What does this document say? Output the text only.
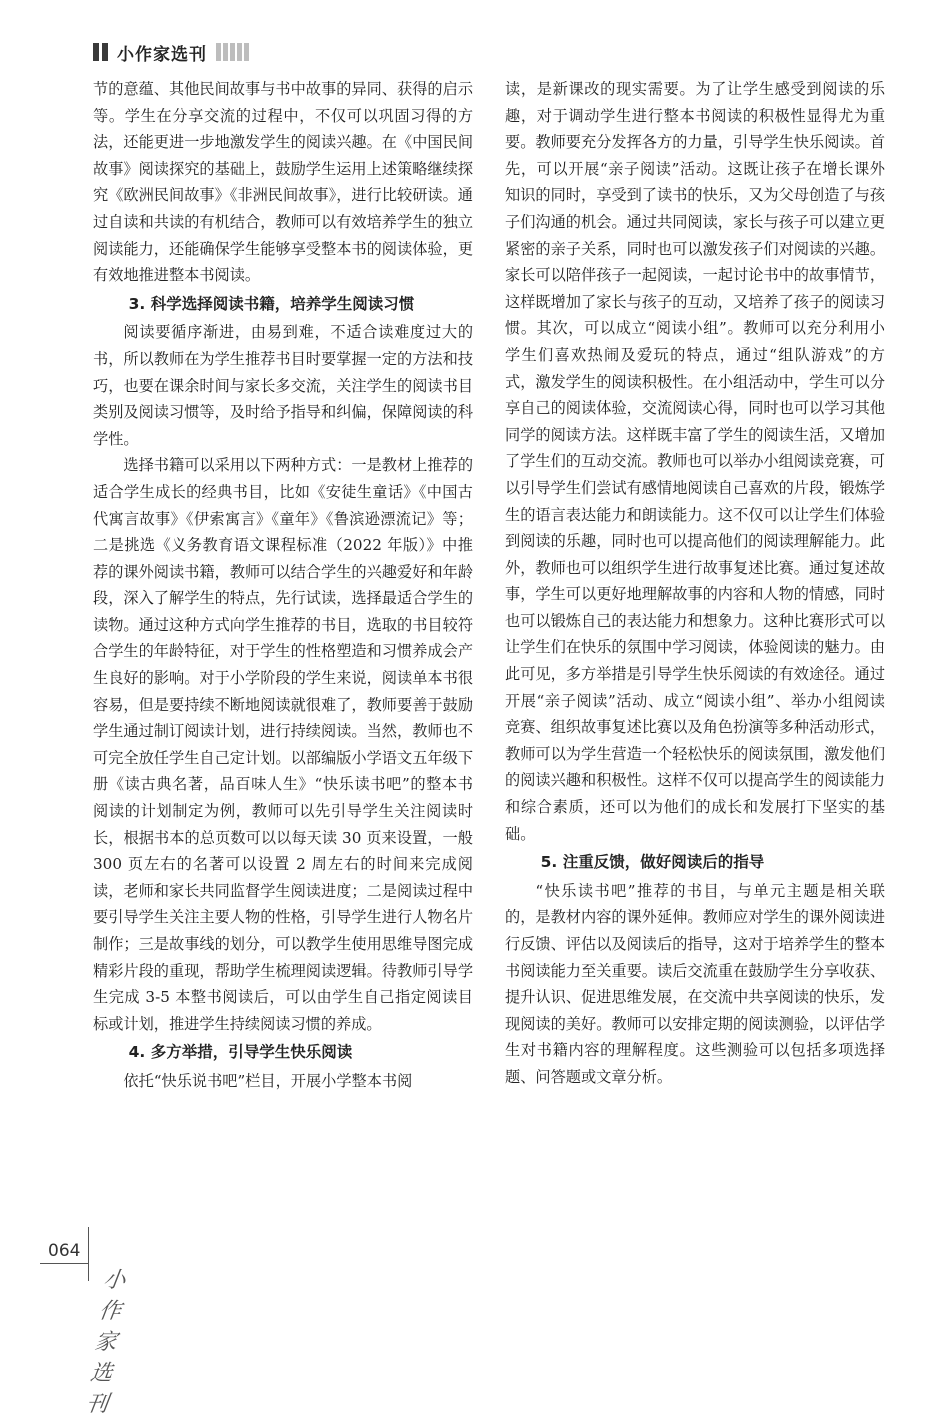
小作家选刊

节的意蕴、其他民间故事与书中故事的异同、获得的启示等。学生在分享交流的过程中，不仅可以巩固习得的方法，还能更进一步地激发学生的阅读兴趣。在《中国民间故事》阅读探究的基础上，鼓励学生运用上述策略继续探究《欧洲民间故事》《非洲民间故事》，进行比较研读。通过自读和共读的有机结合，教师可以有效培养学生的独立阅读能力，还能确保学生能够享受整本书的阅读体验，更有效地推进整本书阅读。

3. 科学选择阅读书籍，培养学生阅读习惯

阅读要循序渐进，由易到难，不适合读难度过大的书，所以教师在为学生推荐书目时要掌握一定的方法和技巧，也要在课余时间与家长多交流，关注学生的阅读书目类别及阅读习惯等，及时给予指导和纠偏，保障阅读的科学性。

选择书籍可以采用以下两种方式：一是教材上推荐的适合学生成长的经典书目，比如《安徒生童话》《中国古代寓言故事》《伊索寓言》《童年》《鲁滨逊漂流记》等；二是挑选《义务教育语文课程标准（2022 年版）》中推荐的课外阅读书籍，教师可以结合学生的兴趣爱好和年龄段，深入了解学生的特点，先行试读，选择最适合学生的读物。通过这种方式向学生推荐的书目，选取的书目较符合学生的年龄特征，对于学生的性格塑造和习惯养成会产生良好的影响。对于小学阶段的学生来说，阅读单本书很容易，但是要持续不断地阅读就很难了，教师要善于鼓励学生通过制订阅读计划，进行持续阅读。当然，教师也不可完全放任学生自己定计划。以部编版小学语文五年级下册《读古典名著，品百味人生》“快乐读书吧”的整本书阅读的计划制定为例，教师可以先引导学生关注阅读时长，根据书本的总页数可以以每天读 30 页来设置，一般 300 页左右的名著可以设置 2 周左右的时间来完成阅读，老师和家长共同监督学生阅读进度；二是阅读过程中要引导学生关注主要人物的性格，引导学生进行人物名片制作；三是故事线的划分，可以教学生使用思维导图完成精彩片段的重现，帮助学生梳理阅读逻辑。待教师引导学生完成 3-5 本整书阅读后，可以由学生自己指定阅读目标或计划，推进学生持续阅读习惯的养成。

4. 多方举措，引导学生快乐阅读

依托“快乐说书吧”栏目，开展小学整本书阅

读，是新课改的现实需要。为了让学生感受到阅读的乐趣，对于调动学生进行整本书阅读的积极性显得尤为重要。教师要充分发挥各方的力量，引导学生快乐阅读。首先，可以开展“亲子阅读”活动。这既让孩子在增长课外知识的同时，享受到了读书的快乐，又为父母创造了与孩子们沟通的机会。通过共同阅读，家长与孩子可以建立更紧密的亲子关系，同时也可以激发孩子们对阅读的兴趣。家长可以陪伴孩子一起阅读，一起讨论书中的故事情节，这样既增加了家长与孩子的互动，又培养了孩子的阅读习惯。其次，可以成立“阅读小组”。教师可以充分利用小学生们喜欢热闹及爱玩的特点，通过“组队游戏”的方式，激发学生的阅读积极性。在小组活动中，学生可以分享自己的阅读体验，交流阅读心得，同时也可以学习其他同学的阅读方法。这样既丰富了学生的阅读生活，又增加了学生们的互动交流。教师也可以举办小组阅读竞赛，可以引导学生们尝试有感情地阅读自己喜欢的片段，锻炼学生的语言表达能力和朗读能力。这不仅可以让学生们体验到阅读的乐趣，同时也可以提高他们的阅读理解能力。此外，教师也可以组织学生进行故事复述比赛。通过复述故事，学生可以更好地理解故事的内容和人物的情感，同时也可以锻炼自己的表达能力和想象力。这种比赛形式可以让学生们在快乐的氛围中学习阅读，体验阅读的魅力。由此可见，多方举措是引导学生快乐阅读的有效途径。通过开展“亲子阅读”活动、成立“阅读小组”、举办小组阅读竞赛、组织故事复述比赛以及角色扮演等多种活动形式，教师可以为学生营造一个轻松快乐的阅读氛围，激发他们的阅读兴趣和积极性。这样不仅可以提高学生的阅读能力和综合素质，还可以为他们的成长和发展打下坚实的基础。

5. 注重反馈，做好阅读后的指导

“快乐读书吧”推荐的书目，与单元主题是相关联的，是教材内容的课外延伸。教师应对学生的课外阅读进行反馈、评估以及阅读后的指导，这对于培养学生的整本书阅读能力至关重要。读后交流重在鼓励学生分享收获、提升认识、促进思维发展，在交流中共享阅读的快乐，发现阅读的美好。教师可以安排定期的阅读测验，以评估学生对书籍内容的理解程度。这些测验可以包括多项选择题、问答题或文章分析。

064
小作家选刊
